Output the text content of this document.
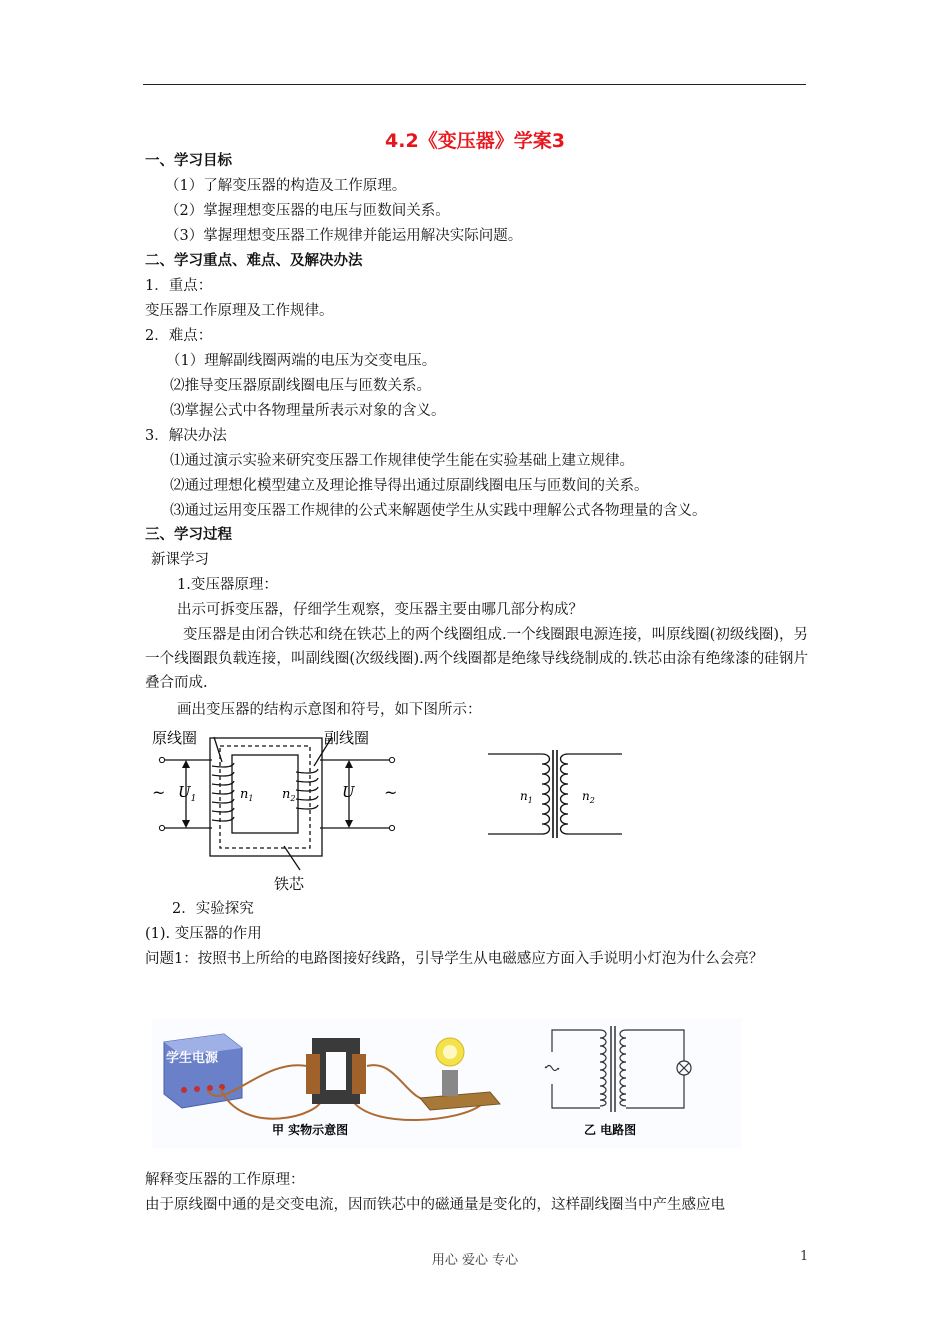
4.2《变压器》学案3
一、学习目标
（1）了解变压器的构造及工作原理。
（2）掌握理想变压器的电压与匝数间关系。
（3）掌握理想变压器工作规律并能运用解决实际问题。
二、学习重点、难点、及解决办法
1．重点：
变压器工作原理及工作规律。
2．难点：
（1）理解副线圈两端的电压为交变电压。
⑵推导变压器原副线圈电压与匝数关系。
⑶掌握公式中各物理量所表示对象的含义。
3．解决办法
⑴通过演示实验来研究变压器工作规律使学生能在实验基础上建立规律。
⑵通过理想化模型建立及理论推导得出通过原副线圈电压与匝数间的关系。
⑶通过运用变压器工作规律的公式来解题使学生从实践中理解公式各物理量的含义。
三、学习过程
新课学习
1.变压器原理：
出示可拆变压器，仔细学生观察，变压器主要由哪几部分构成？
变压器是由闭合铁芯和绕在铁芯上的两个线圈组成.一个线圈跟电源连接，叫原线圈(初级线圈)，另一个线圈跟负载连接，叫副线圈(次级线圈).两个线圈都是绝缘导线绕制成的.铁芯由涂有绝缘漆的硅钢片叠合而成.
画出变压器的结构示意图和符号，如下图所示：
原线圈	副线圈
铁芯
~	~
$U_1$	U
$n_1$ $n_2$	$n_1$	$n_2$
2．实验探究
(1). 变压器的作用
问题1：按照书上所给的电路图接好线路，引导学生从电磁感应方面入手说明小灯泡为什么会亮？
学生电源
甲 实物示意图	乙 电路图
解释变压器的工作原理：
由于原线圈中通的是交变电流，因而铁芯中的磁通量是变化的，这样副线圈当中产生感应电
用心 爱心 专心	1
